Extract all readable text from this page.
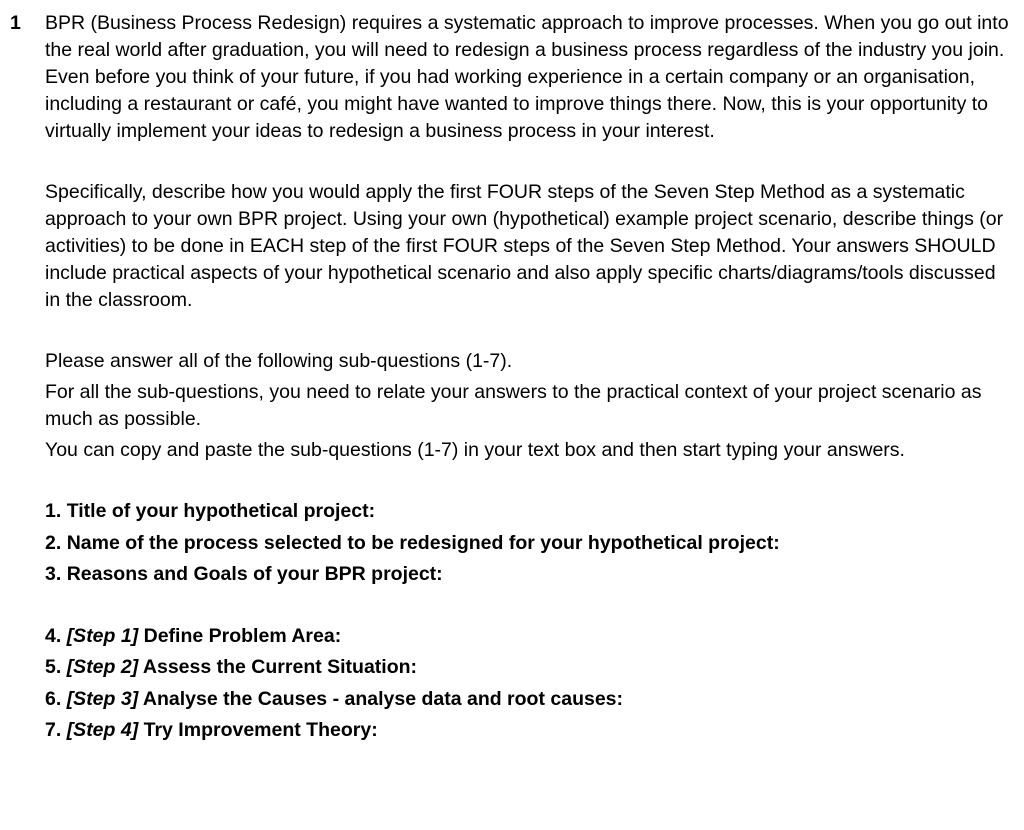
1 BPR (Business Process Redesign) requires a systematic approach to improve processes. When you go out into the real world after graduation, you will need to redesign a business process regardless of the industry you join. Even before you think of your future, if you had working experience in a certain company or an organisation, including a restaurant or café, you might have wanted to improve things there. Now, this is your opportunity to virtually implement your ideas to redesign a business process in your interest.

Specifically, describe how you would apply the first FOUR steps of the Seven Step Method as a systematic approach to your own BPR project. Using your own (hypothetical) example project scenario, describe things (or activities) to be done in EACH step of the first FOUR steps of the Seven Step Method. Your answers SHOULD include practical aspects of your hypothetical scenario and also apply specific charts/diagrams/tools discussed in the classroom.

Please answer all of the following sub-questions (1-7).

For all the sub-questions, you need to relate your answers to the practical context of your project scenario as much as possible.

You can copy and paste the sub-questions (1-7) in your text box and then start typing your answers.

1. Title of your hypothetical project:

2. Name of the process selected to be redesigned for your hypothetical project:

3. Reasons and Goals of your BPR project:

4. [Step 1] Define Problem Area:

5. [Step 2] Assess the Current Situation:

6. [Step 3] Analyse the Causes - analyse data and root causes:

7. [Step 4] Try Improvement Theory:
